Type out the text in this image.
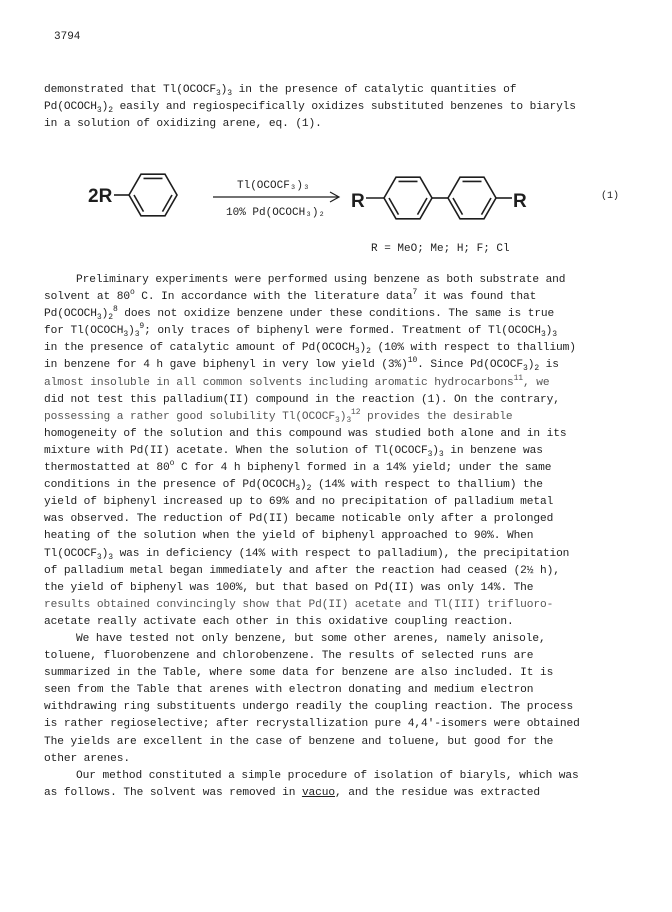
3794
demonstrated that $Tl(OCOCF_3)_3$ in the presence of catalytic quantities of
$Pd(OCOCH_3)_2$ easily and regiospecifically oxidizes substituted benzenes to biaryls
in a solution of oxidizing arene, eq. (1).
2R	Tl(OCOCF₃)₃
10% Pd(OCOCH₃)₂
R	R	(1)
R = MeO; Me; H; F; Cl
Preliminary experiments were performed using benzene as both substrate and
solvent at 80$^o$ C. In accordance with the literature data$^7$ it was found that
$Pd(OCOCH_3)_2^8$ does not oxidize benzene under these conditions. The same is true
for $Tl(OCOCH_3)_3^9$; only traces of biphenyl were formed. Treatment of $Tl(OCOCH_3)_3$
in the presence of catalytic amount of $Pd(OCOCH_3)_2$ (10% with respect to thallium)
in benzene for 4 h gave biphenyl in very low yield $(3\%)^{10}$. Since $Pd(OCOCF_3)_2$ is
almost insoluble in all common solvents including aromatic hydrocarbons$^{11}$, we
did not test this palladium(II) compound in the reaction (1). On the contrary,
possessing a rather good solubility $Tl(OCOCF_3)_3^{12}$ provides the desirable
homogeneity of the solution and this compound was studied both alone and in its
mixture with Pd(II) acetate. When the solution of $Tl(OCOCF_3)_3$ in benzene was
thermostatted at 80$^o$ C for 4 h biphenyl formed in a 14% yield; under the same
conditions in the presence of $Pd(OCOCH_3)_2$ (14% with respect to thallium) the
yield of biphenyl increased up to 69% and no precipitation of palladium metal
was observed. The reduction of Pd(II) became noticable only after a prolonged
heating of the solution when the yield of biphenyl approached to 90%. When
$Tl(OCOCF_3)_3$ was in deficiency (14% with respect to palladium), the precipitation
of palladium metal began immediately and after the reaction had ceased (2½ h),
the yield of biphenyl was 100%, but that based on Pd(II) was only 14%. The
results obtained convincingly show that Pd(II) acetate and Tl(III) trifluoro-
acetate really activate each other in this oxidative coupling reaction.
We have tested not only benzene, but some other arenes, namely anisole,
toluene, fluorobenzene and chlorobenzene. The results of selected runs are
summarized in the Table, where some data for benzene are also included. It is
seen from the Table that arenes with electron donating and medium electron
withdrawing ring substituents undergo readily the coupling reaction. The process
is rather regioselective; after recrystallization pure 4,4'-isomers were obtained
The yields are excellent in the case of benzene and toluene, but good for the
other arenes.
Our method constituted a simple procedure of isolation of biaryls, which was
as follows. The solvent was removed in vacuo, and the residue was extracted
